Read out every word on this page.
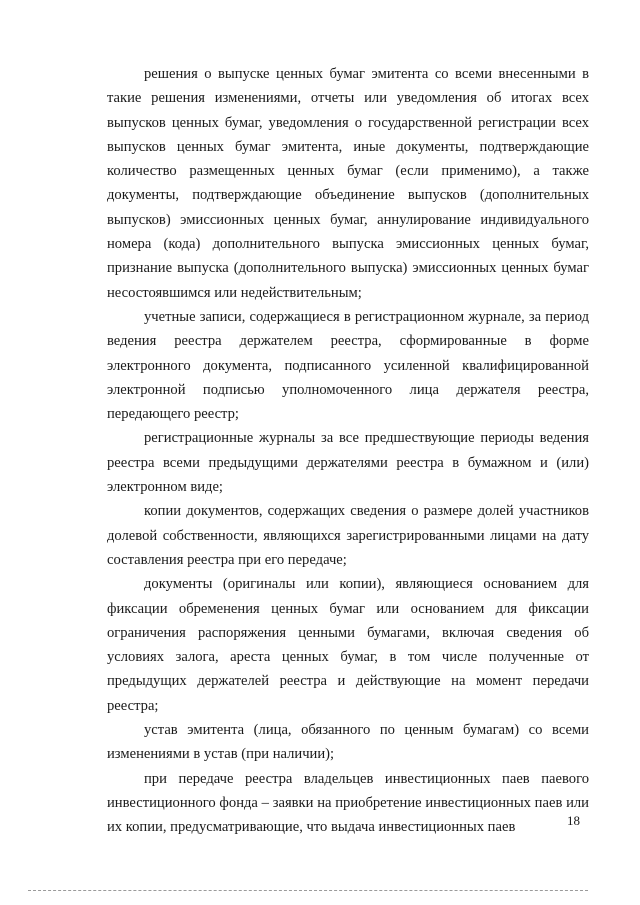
решения о выпуске ценных бумаг эмитента со всеми внесенными в такие решения изменениями, отчеты или уведомления об итогах всех выпусков ценных бумаг, уведомления о государственной регистрации всех выпусков ценных бумаг эмитента, иные документы, подтверждающие количество размещенных ценных бумаг (если применимо), а также документы, подтверждающие объединение выпусков (дополнительных выпусков) эмиссионных ценных бумаг, аннулирование индивидуального номера (кода) дополнительного выпуска эмиссионных ценных бумаг, признание выпуска (дополнительного выпуска) эмиссионных ценных бумаг несостоявшимся или недействительным;

учетные записи, содержащиеся в регистрационном журнале, за период ведения реестра держателем реестра, сформированные в форме электронного документа, подписанного усиленной квалифицированной электронной подписью уполномоченного лица держателя реестра, передающего реестр;

регистрационные журналы за все предшествующие периоды ведения реестра всеми предыдущими держателями реестра в бумажном и (или) электронном виде;

копии документов, содержащих сведения о размере долей участников долевой собственности, являющихся зарегистрированными лицами на дату составления реестра при его передаче;

документы (оригиналы или копии), являющиеся основанием для фиксации обременения ценных бумаг или основанием для фиксации ограничения распоряжения ценными бумагами, включая сведения об условиях залога, ареста ценных бумаг, в том числе полученные от предыдущих держателей реестра и действующие на момент передачи реестра;

устав эмитента (лица, обязанного по ценным бумагам) со всеми изменениями в устав (при наличии);

при передаче реестра владельцев инвестиционных паев паевого инвестиционного фонда – заявки на приобретение инвестиционных паев или их копии, предусматривающие, что выдача инвестиционных паев	18
